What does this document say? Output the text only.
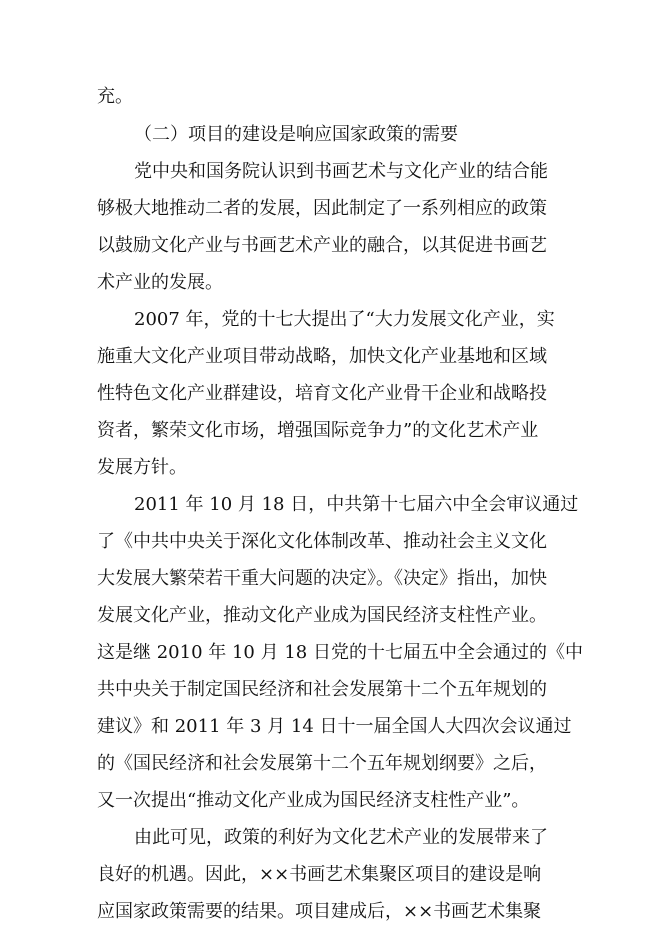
充。
（二）项目的建设是响应国家政策的需要
党中央和国务院认识到书画艺术与文化产业的结合能
够极大地推动二者的发展，因此制定了一系列相应的政策
以鼓励文化产业与书画艺术产业的融合，以其促进书画艺
术产业的发展。
2007 年，党的十七大提出了“大力发展文化产业，实
施重大文化产业项目带动战略，加快文化产业基地和区域
性特色文化产业群建设，培育文化产业骨干企业和战略投
资者，繁荣文化市场，增强国际竞争力”的文化艺术产业
发展方针。
2011 年 10 月 18 日，中共第十七届六中全会审议通过
了《中共中央关于深化文化体制改革、推动社会主义文化
大发展大繁荣若干重大问题的决定》。《决定》指出，加快
发展文化产业，推动文化产业成为国民经济支柱性产业。
这是继 2010 年 10 月 18 日党的十七届五中全会通过的《中
共中央关于制定国民经济和社会发展第十二个五年规划的
建议》和 2011 年 3 月 14 日十一届全国人大四次会议通过
的《国民经济和社会发展第十二个五年规划纲要》之后，
又一次提出“推动文化产业成为国民经济支柱性产业”。
由此可见，政策的利好为文化艺术产业的发展带来了
良好的机遇。因此，××书画艺术集聚区项目的建设是响
应国家政策需要的结果。项目建成后，××书画艺术集聚
